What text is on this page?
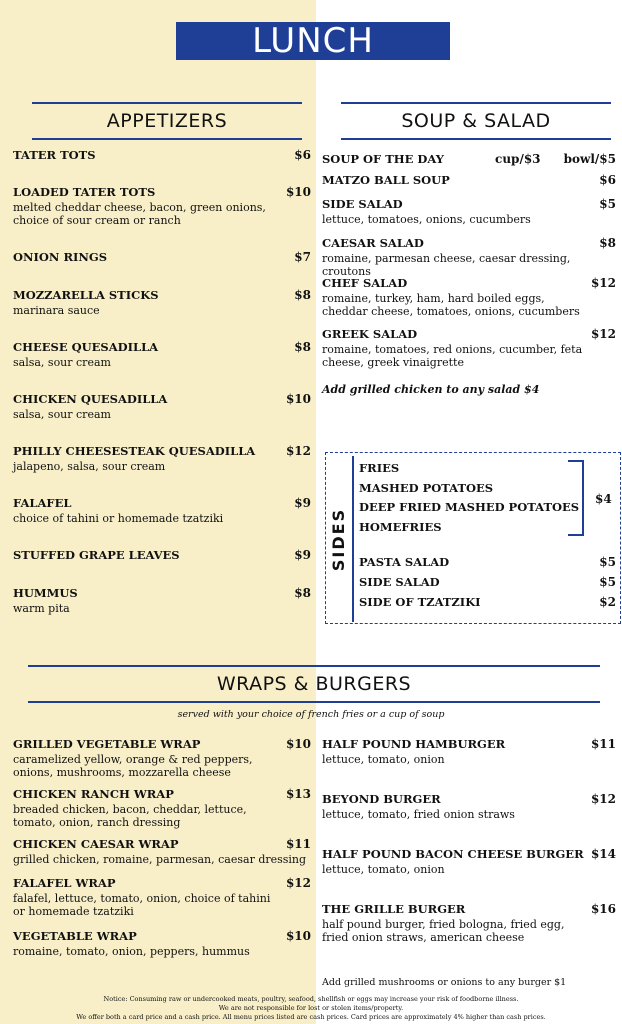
LUNCH
APPETIZERS
TATER TOTS	$6
LOADED TATER TOTS	$10
melted cheddar cheese, bacon, green onions, choice of sour cream or ranch
ONION RINGS	$7
MOZZARELLA STICKS	$8
marinara sauce
CHEESE QUESADILLA	$8
salsa, sour cream
CHICKEN QUESADILLA	$10
salsa, sour cream
PHILLY CHEESESTEAK QUESADILLA	$12
jalapeno, salsa, sour cream
FALAFEL	$9
choice of tahini or homemade tzatziki
STUFFED GRAPE LEAVES	$9
HUMMUS	$8
warm pita
SOUP & SALAD
SOUP OF THE DAY	cup/$3 bowl/$5
MATZO BALL SOUP	$6
SIDE SALAD	$5
lettuce, tomatoes, onions, cucumbers
CAESAR SALAD	$8
romaine, parmesan cheese, caesar dressing, croutons
CHEF SALAD	$12
romaine, turkey, ham, hard boiled eggs, cheddar cheese, tomatoes, onions, cucumbers
GREEK SALAD	$12
romaine, tomatoes, red onions, cucumber, feta cheese, greek vinaigrette
Add grilled chicken to any salad $4
SIDES
FRIES
MASHED POTATOES
DEEP FRIED MASHED POTATOES
HOMEFRIES
$4
PASTA SALAD	$5
SIDE SALAD	$5
SIDE OF TZATZIKI	$2
WRAPS & BURGERS
served with your choice of french fries or a cup of soup
GRILLED VEGETABLE WRAP	$10
caramelized yellow, orange & red peppers, onions, mushrooms, mozzarella cheese
CHICKEN RANCH WRAP	$13
breaded chicken, bacon, cheddar, lettuce, tomato, onion, ranch dressing
CHICKEN CAESAR WRAP	$11
grilled chicken, romaine, parmesan, caesar dressing
FALAFEL WRAP	$12
falafel, lettuce, tomato, onion, choice of tahini or homemade tzatziki
VEGETABLE WRAP	$10
romaine, tomato, onion, peppers, hummus
HALF POUND HAMBURGER	$11
lettuce, tomato, onion
BEYOND BURGER	$12
lettuce, tomato, fried onion straws
HALF POUND BACON CHEESE BURGER $14
lettuce, tomato, onion
THE GRILLE BURGER	$16
half pound burger, fried bologna, fried egg, fried onion straws, american cheese
Add grilled mushrooms or onions to any burger $1
Notice: Consuming raw or undercooked meats, poultry, seafood, shellfish or eggs may increase your risk of foodborne illness.
We are not responsible for lost or stolen items/property.
We offer both a card price and a cash price. All menu prices listed are cash prices. Card prices are approximately 4% higher than cash prices.
